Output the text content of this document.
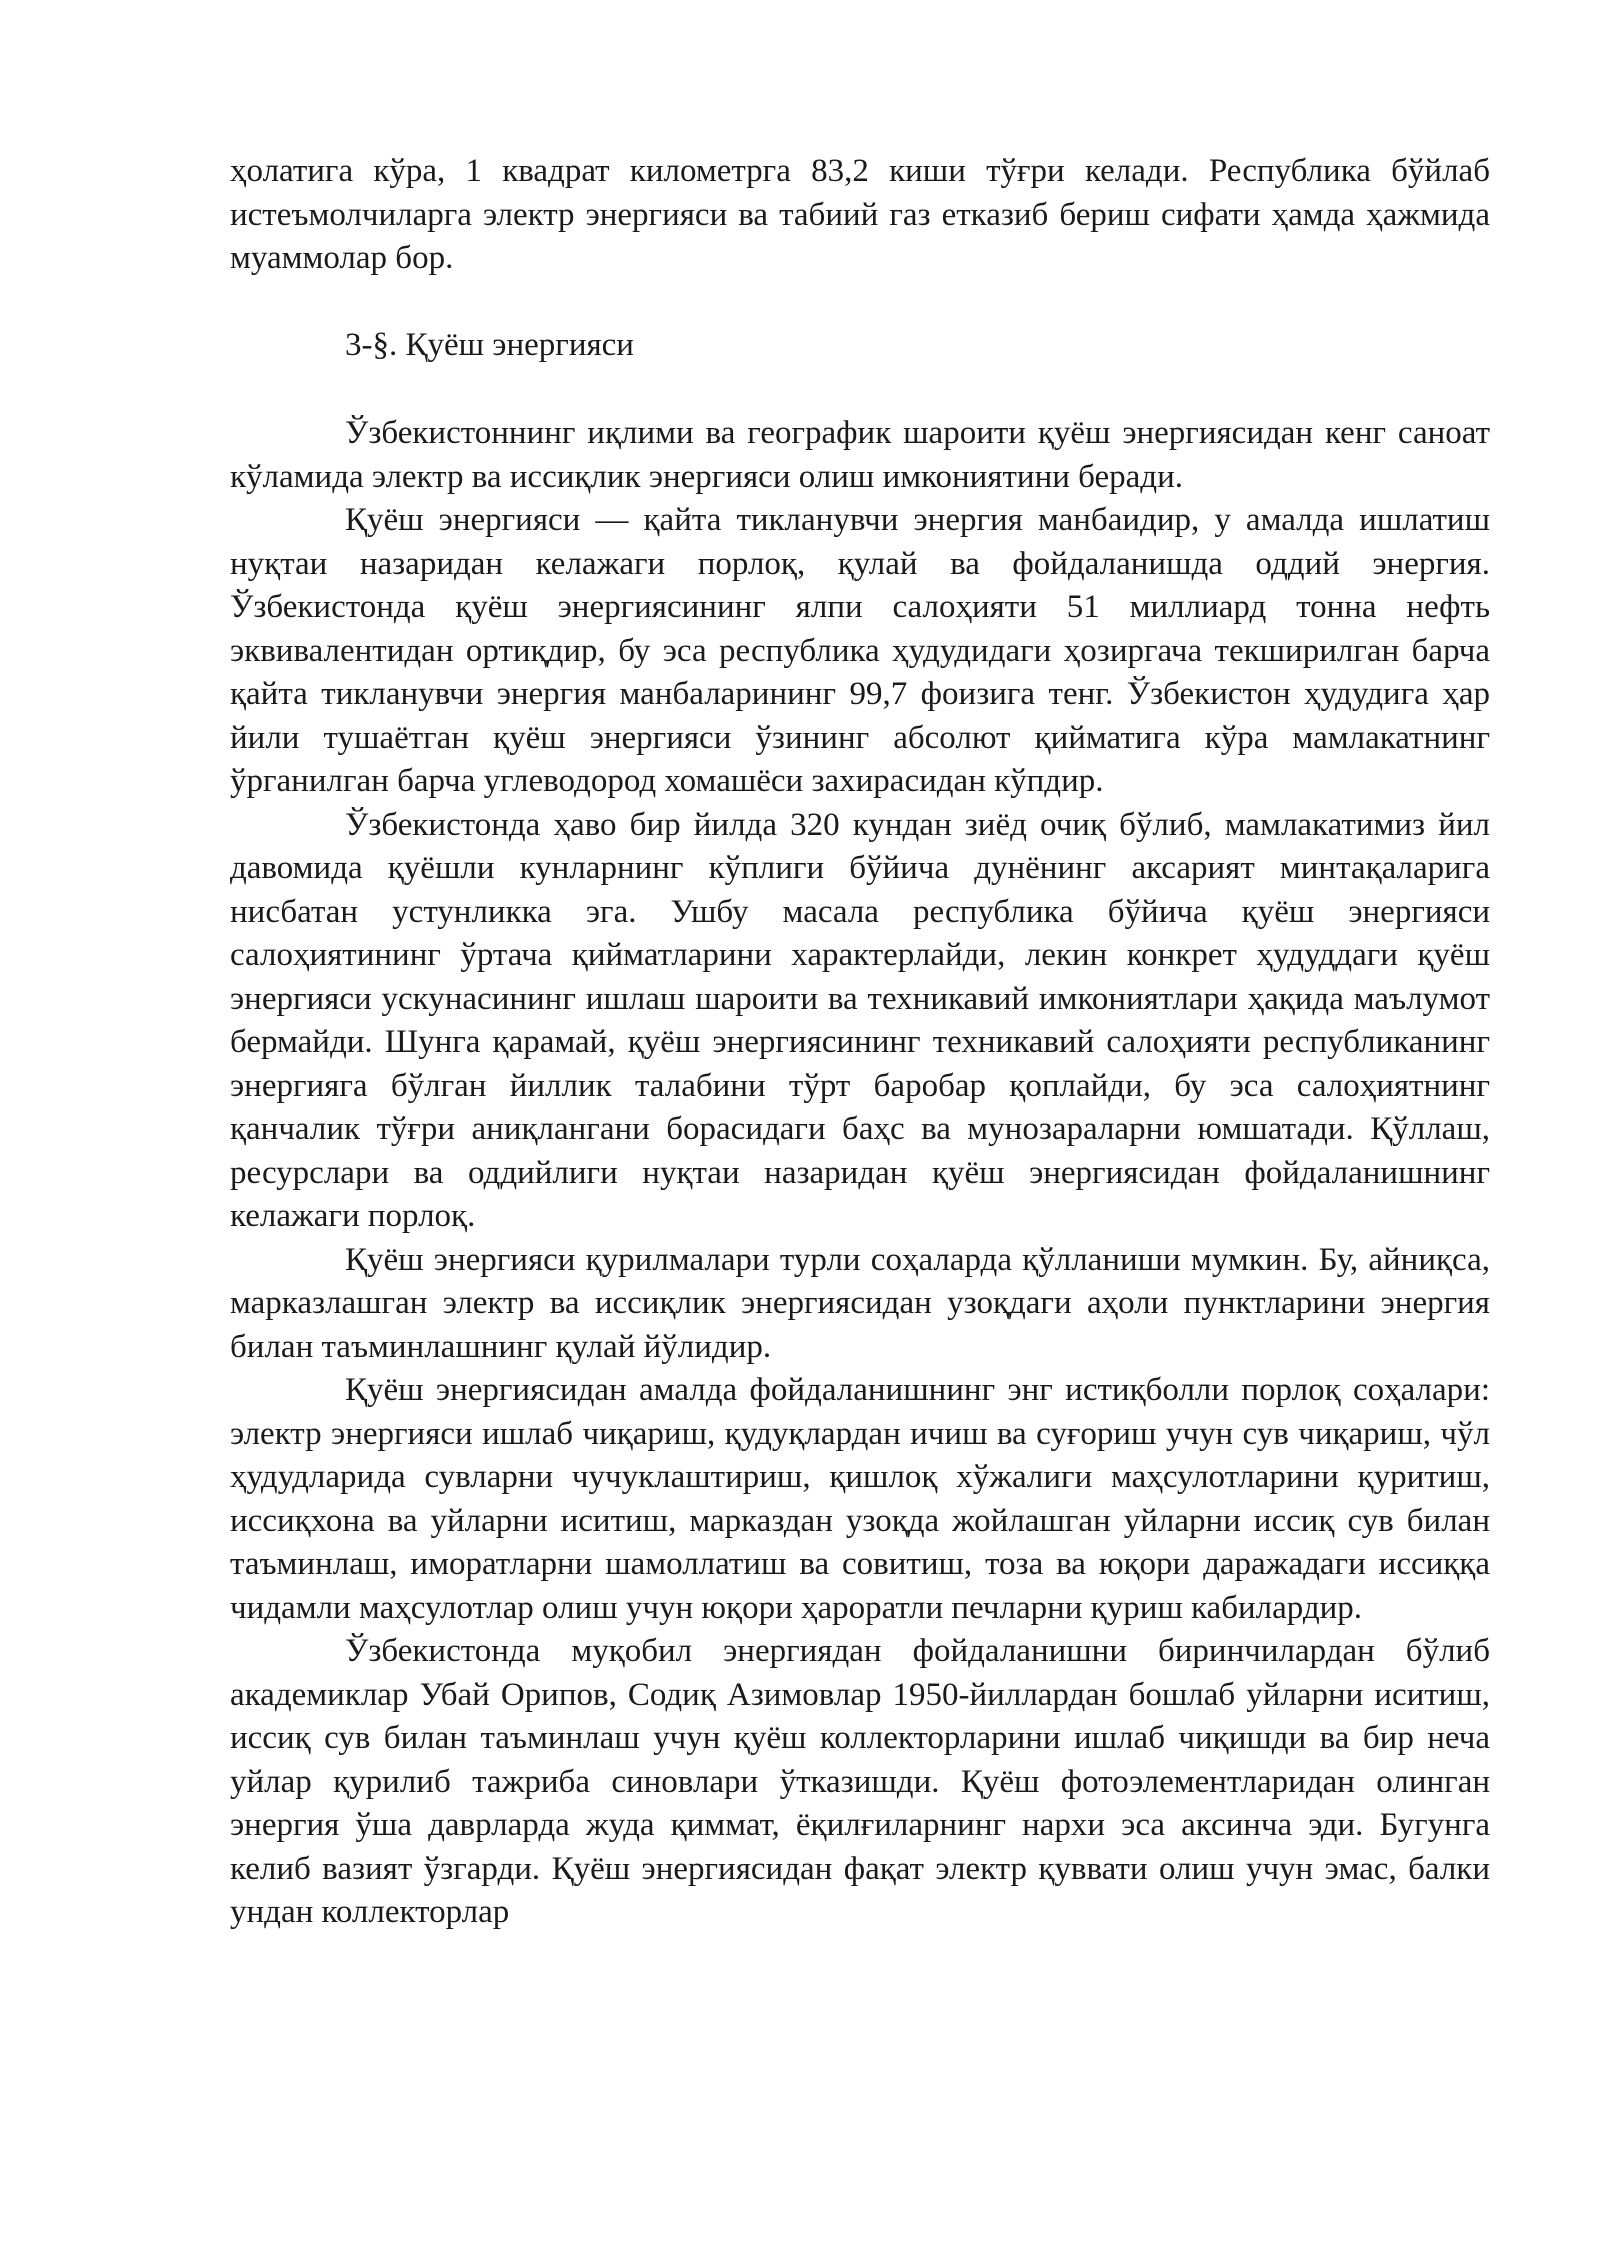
ҳолатига кўра, 1 квадрат километрга 83,2 киши тўғри келади. Республика бўйлаб истеъмолчиларга электр энергияси ва табиий газ етказиб бериш сифати ҳамда ҳажмида муаммолар бор.

3-§. Қуёш энергияси

Ўзбекистоннинг иқлими ва географик шароити қуёш энергиясидан кенг саноат кўламида электр ва иссиқлик энергияси олиш имкониятини беради.

Қуёш энергияси — қайта тикланувчи энергия манбаидир, у амалда ишлатиш нуқтаи назаридан келажаги порлоқ, қулай ва фойдаланишда оддий энергия. Ўзбекистонда қуёш энергиясининг ялпи салоҳияти 51 миллиард тонна нефть эквивалентидан ортиқдир, бу эса республика ҳудудидаги ҳозиргача текширилган барча қайта тикланувчи энергия манбаларининг 99,7 фоизига тенг. Ўзбекистон ҳудудига ҳар йили тушаётган қуёш энергияси ўзининг абсолют қийматига кўра мамлакатнинг ўрганилган барча углеводород хомашёси захирасидан кўпдир.

Ўзбекистонда ҳаво бир йилда 320 кундан зиёд очиқ бўлиб, мамлакатимиз йил давомида қуёшли кунларнинг кўплиги бўйича дунёнинг аксарият минтақаларига нисбатан устунликка эга. Ушбу масала республика бўйича қуёш энергияси салоҳиятининг ўртача қийматларини характерлайди, лекин конкрет ҳудуддаги қуёш энергияси ускунасининг ишлаш шароити ва техникавий имкониятлари ҳақида маълумот бермайди. Шунга қарамай, қуёш энергиясининг техникавий салоҳияти республиканинг энергияга бўлган йиллик талабини тўрт баробар қоплайди, бу эса салоҳиятнинг қанчалик тўғри аниқлангани борасидаги баҳс ва мунозараларни юмшатади. Қўллаш, ресурслари ва оддийлиги нуқтаи назаридан қуёш энергиясидан фойдаланишнинг келажаги порлоқ.

Қуёш энергияси қурилмалари турли соҳаларда қўлланиши мумкин. Бу, айниқса, марказлашган электр ва иссиқлик энергиясидан узоқдаги аҳоли пунктларини энергия билан таъминлашнинг қулай йўлидир.

Қуёш энергиясидан амалда фойдаланишнинг энг истиқболли порлоқ соҳалари: электр энергияси ишлаб чиқариш, қудуқлардан ичиш ва суғориш учун сув чиқариш, чўл ҳудудларида сувларни чучуклаштириш, қишлоқ хўжалиги маҳсулотларини қуритиш, иссиқхона ва уйларни иситиш, марказдан узоқда жойлашган уйларни иссиқ сув билан таъминлаш, иморатларни шамоллатиш ва совитиш, тоза ва юқори даражадаги иссиққа чидамли маҳсулотлар олиш учун юқори ҳароратли печларни қуриш кабилардир.

Ўзбекистонда муқобил энергиядан фойдаланишни биринчилардан бўлиб академиклар Убай Орипов, Содиқ Азимовлар 1950-йиллардан бошлаб уйларни иситиш, иссиқ сув билан таъминлаш учун қуёш коллекторларини ишлаб чиқишди ва бир неча уйлар қурилиб тажриба синовлари ўтказишди. Қуёш фотоэлементларидан олинган энергия ўша даврларда жуда қиммат, ёқилғиларнинг нархи эса аксинча эди. Бугунга келиб вазият ўзгарди. Қуёш энергиясидан фақат электр қуввати олиш учун эмас, балки ундан коллекторлар
